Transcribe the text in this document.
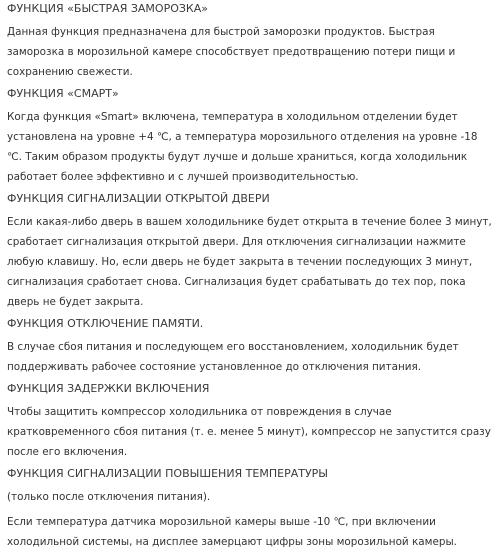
ФУНКЦИЯ «БЫСТРАЯ ЗАМОРОЗКА»

Данная функция предназначена для быстрой заморозки продуктов. Быстрая заморозка в морозильной камере способствует предотвращению потери пищи и сохранению свежести.

ФУНКЦИЯ «СМАРТ»

Когда функция «Smart» включена, температура в холодильном отделении будет установлена на уровне +4 ℃, а температура морозильного отделения на уровне -18 ℃. Таким образом продукты будут лучше и дольше храниться, когда холодильник работает более эффективно и с лучшей производительностью.

ФУНКЦИЯ СИГНАЛИЗАЦИИ ОТКРЫТОЙ ДВЕРИ

Если какая-либо дверь в вашем холодильнике будет открыта в течение более 3 минут, сработает сигнализация открытой двери. Для отключения сигнализации нажмите любую клавишу. Но, если дверь не будет закрыта в течении последующих 3 минут, сигнализация сработает снова. Сигнализация будет срабатывать до тех пор, пока дверь не будет закрыта.

ФУНКЦИЯ ОТКЛЮЧЕНИЕ ПАМЯТИ.

В случае сбоя питания и последующем его восстановлением, холодильник будет поддерживать рабочее состояние установленное до отключения питания.

ФУНКЦИЯ ЗАДЕРЖКИ ВКЛЮЧЕНИЯ

Чтобы защитить компрессор холодильника от повреждения в случае кратковременного сбоя питания (т. е. менее 5 минут), компрессор не запустится сразу после его включения.

ФУНКЦИЯ СИГНАЛИЗАЦИИ ПОВЫШЕНИЯ ТЕМПЕРАТУРЫ

(только после отключения питания).

Если температура датчика морозильной камеры выше -10 ℃, при включении холодильной системы, на дисплее замерцают цифры зоны морозильной камеры.
